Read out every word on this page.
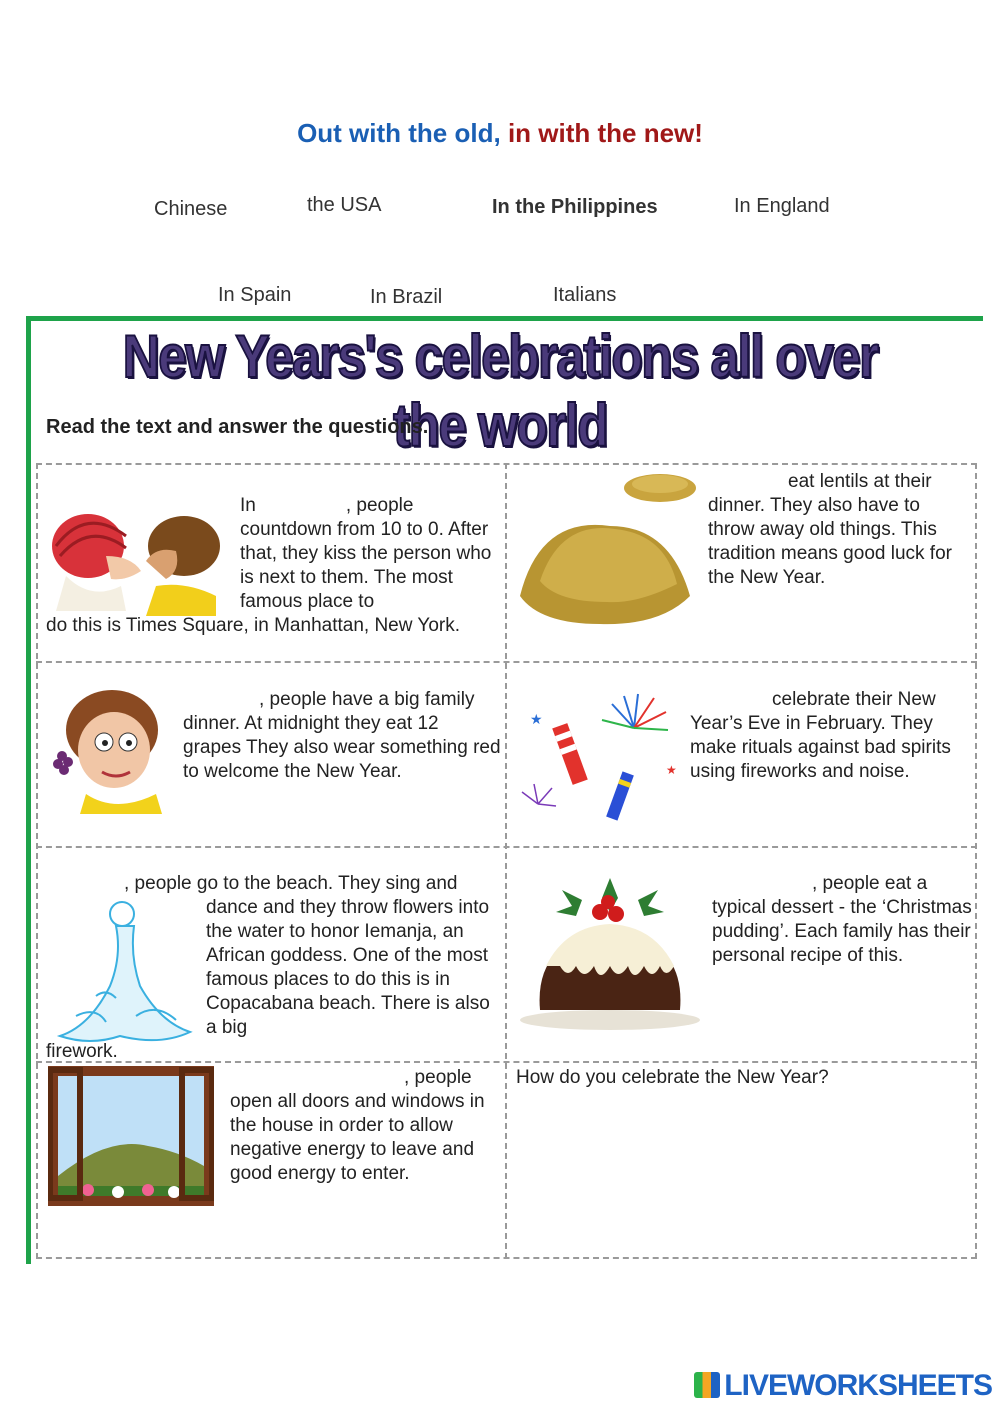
Out with the old, in with the new!
Chinese	the USA	In the Philippines	In England
In Spain	In Brazil	Italians
New Years's celebrations all over the world
Read the text and answer the questions.
In	, people
countdown from 10 to 0. After that, they kiss the person who is next to them. The most famous place to
do this is Times Square, in Manhattan, New York.
eat lentils at their dinner. They also have to throw away old things. This tradition means good luck for the New Year.
, people have a big family
dinner. At midnight they eat 12 grapes They also wear something red to welcome the New Year.
★
★
celebrate their New Year’s Eve in February. They make rituals against bad spirits using fireworks and noise.
, people go to the beach. They sing and
dance and they throw flowers into the water to honor Iemanja, an African goddess. One of the most famous places to do this is in Copacabana beach. There is also a big
firework.
, people eat a
typical dessert - the ‘Christmas pudding’. Each family has their personal recipe of this.
, people
open all doors and windows in the house in order to allow negative energy to leave and good energy to enter.
How do you celebrate the New Year?
LIVEWORKSHEETS
